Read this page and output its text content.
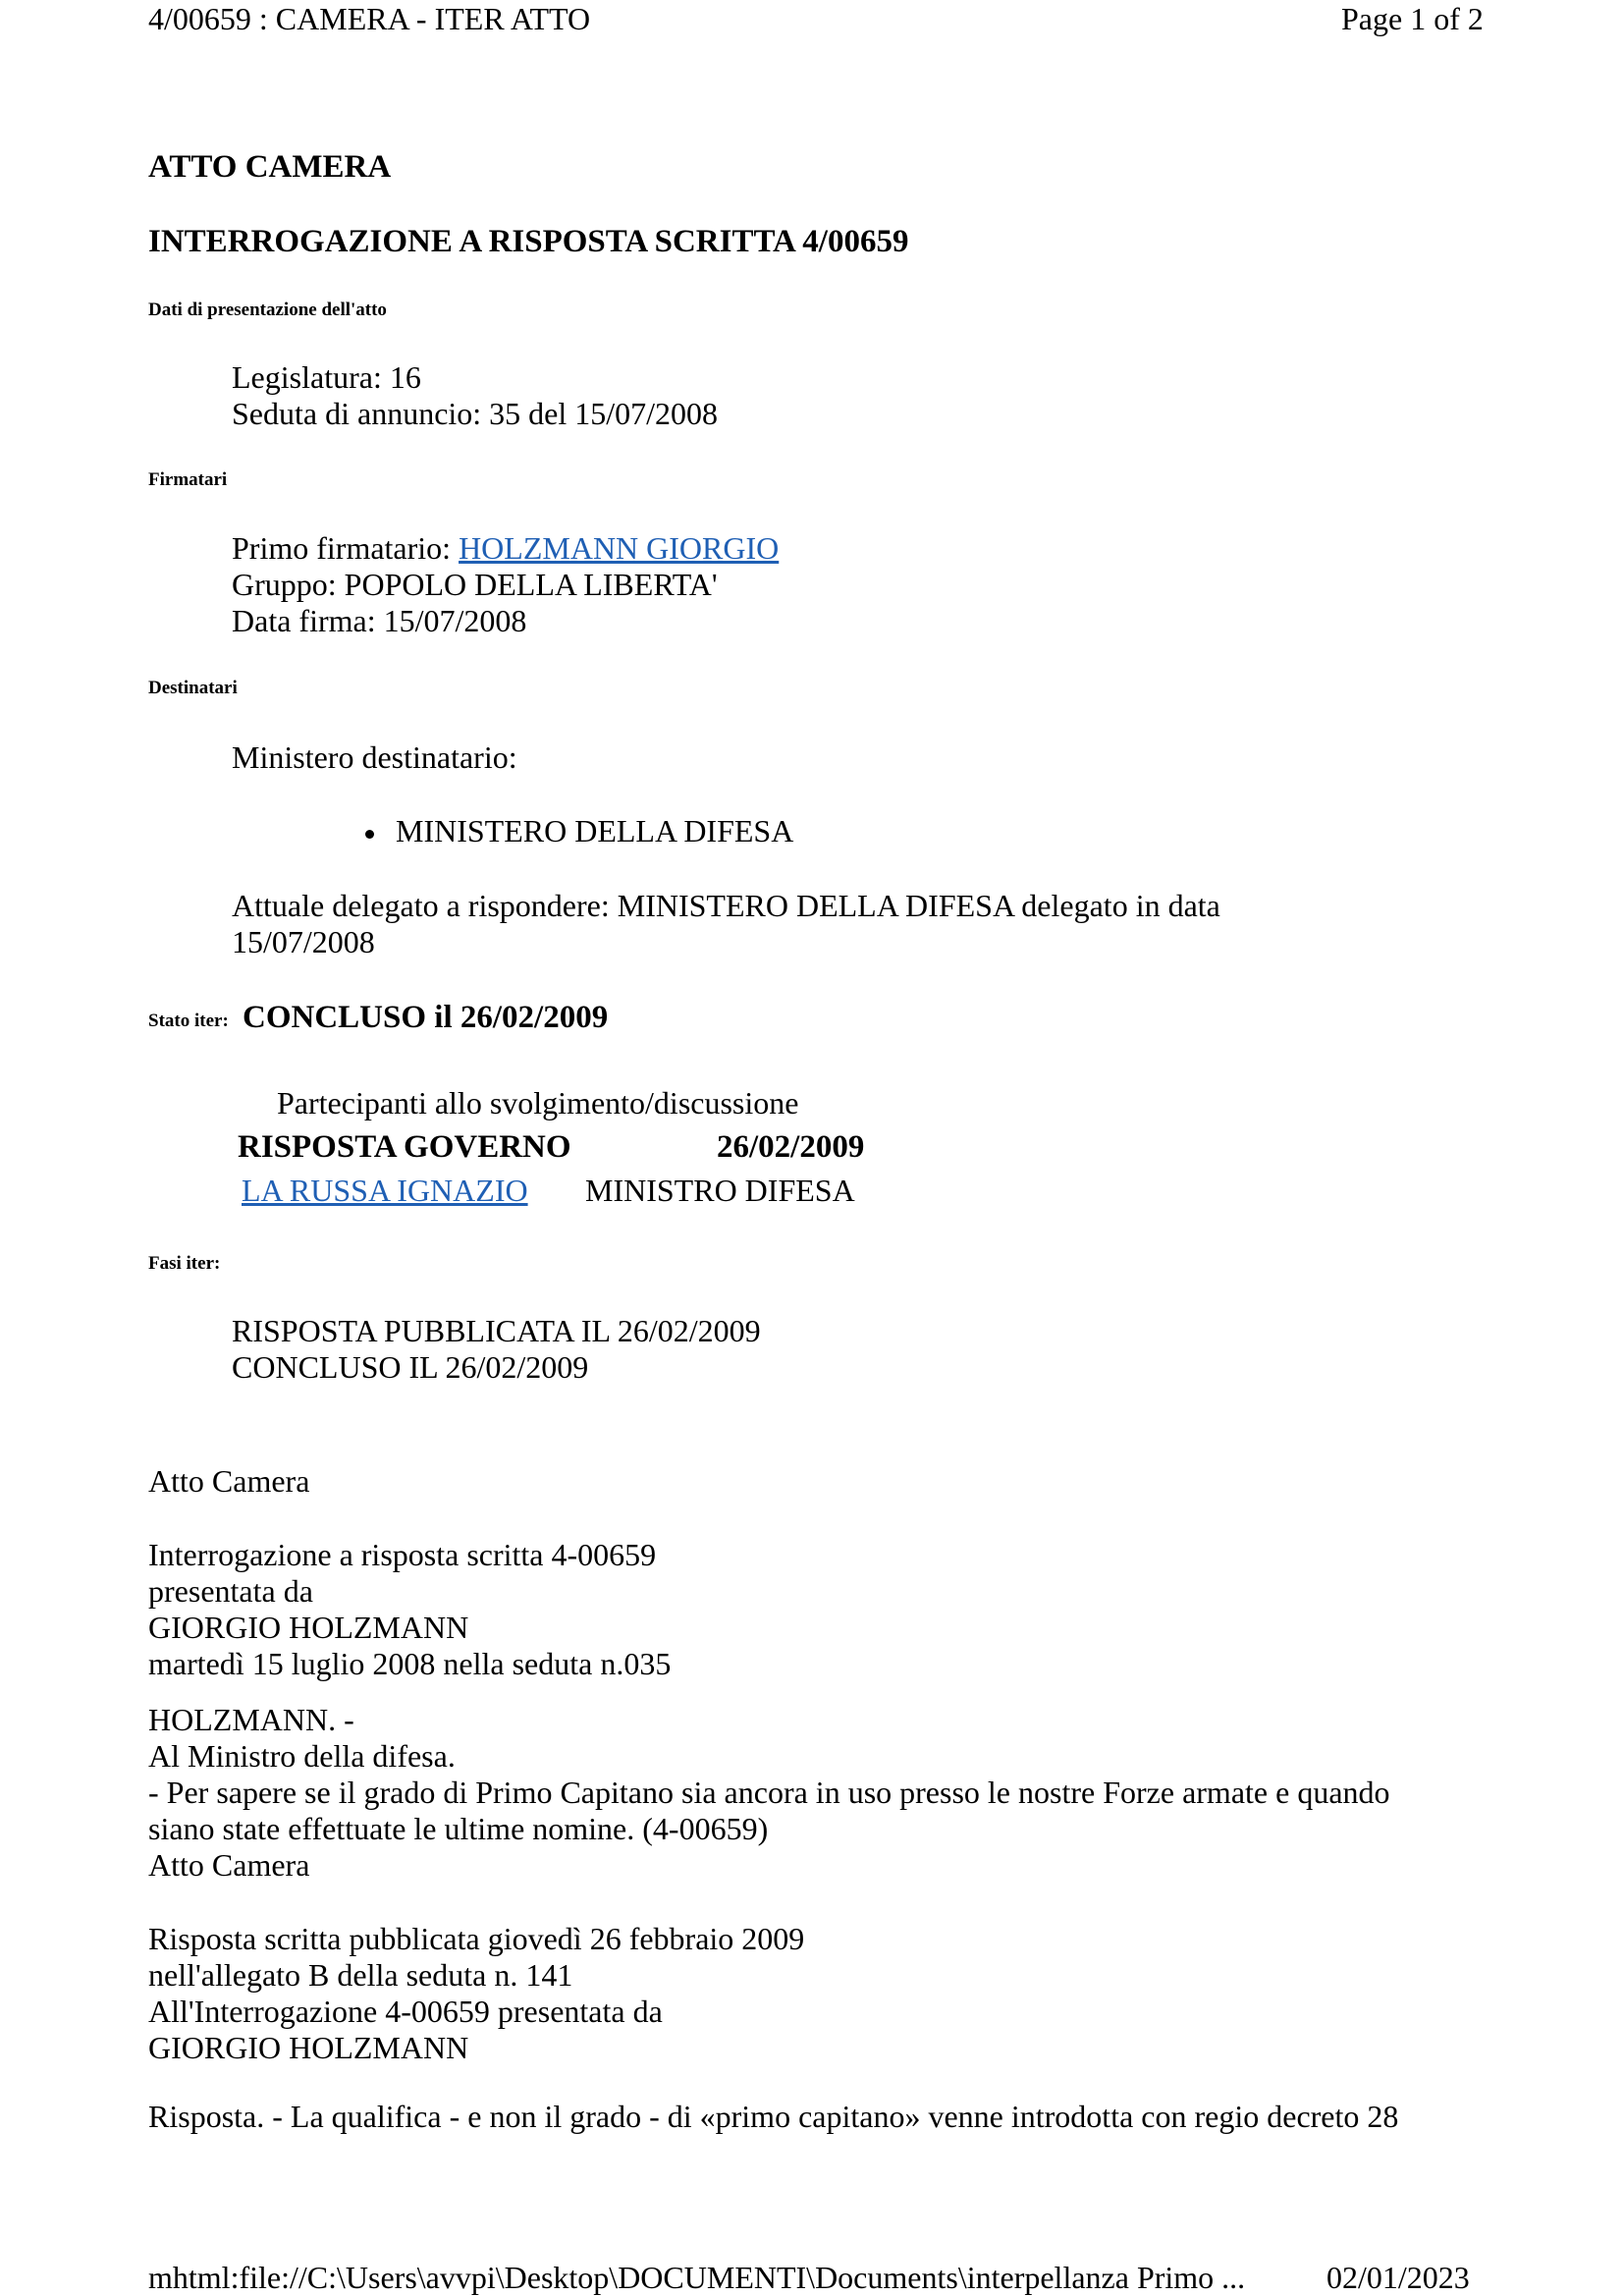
4/00659 : CAMERA - ITER ATTO	Page 1 of 2
ATTO CAMERA
INTERROGAZIONE A RISPOSTA SCRITTA 4/00659
Dati di presentazione dell'atto
Legislatura: 16
Seduta di annuncio: 35 del 15/07/2008
Firmatari
Primo firmatario: HOLZMANN GIORGIO
Gruppo: POPOLO DELLA LIBERTA'
Data firma: 15/07/2008
Destinatari
Ministero destinatario:
MINISTERO DELLA DIFESA
Attuale delegato a rispondere: MINISTERO DELLA DIFESA delegato in data
15/07/2008
Stato iter: CONCLUSO il 26/02/2009
Partecipanti allo svolgimento/discussione
RISPOSTA GOVERNO	26/02/2009
LA RUSSA IGNAZIO MINISTRO DIFESA
Fasi iter:
RISPOSTA PUBBLICATA IL 26/02/2009
CONCLUSO IL 26/02/2009
Atto Camera
Interrogazione a risposta scritta 4-00659
presentata da
GIORGIO HOLZMANN
martedì 15 luglio 2008 nella seduta n.035
HOLZMANN. -
Al Ministro della difesa.
- Per sapere se il grado di Primo Capitano sia ancora in uso presso le nostre Forze armate e quando
siano state effettuate le ultime nomine. (4-00659)
Atto Camera
Risposta scritta pubblicata giovedì 26 febbraio 2009
nell'allegato B della seduta n. 141
All'Interrogazione 4-00659 presentata da
GIORGIO HOLZMANN
Risposta. - La qualifica - e non il grado - di «primo capitano» venne introdotta con regio decreto 28
mhtml:file://C:\Users\avvpi\Desktop\DOCUMENTI\Documents\interpellanza Primo ...	02/01/2023
